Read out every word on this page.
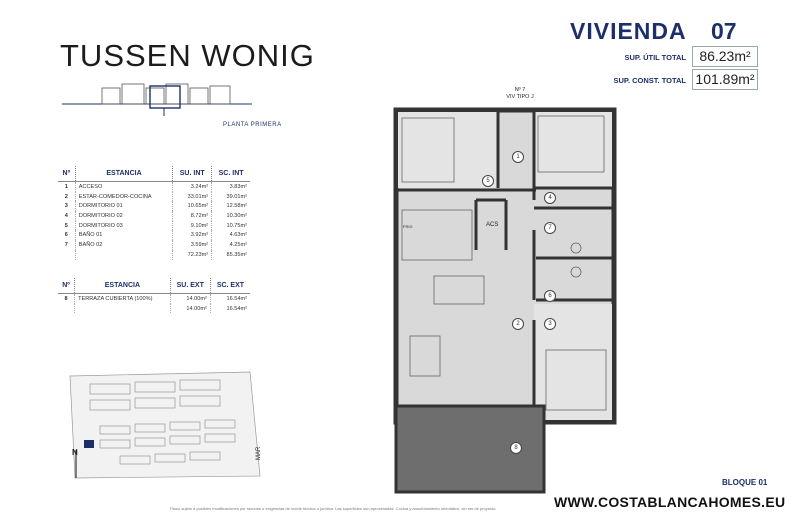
TUSSEN WONIG
VIVIENDA 07
SUP. ÚTIL TOTAL 86.23m²
SUP. CONST. TOTAL 101.89m²
PLANTA PRIMERA
Nº	ESTANCIA	SU. INT	SC. INT
1	ACCESO	3.24m²	3.83m²
2	ESTAR-COMEDOR-COCINA	33.01m²	39.01m²
3	DORMITORIO 01	10.65m²	12.58m²
4	DORMITORIO 02	8.72m²	10.30m²
5	DORMITORIO 03	9.10m²	10.75m²
6	BAÑO 01	3.92m²	4.63m²
7	BAÑO 02	3.59m²	4.25m²
		72.23m²	85.35m²
Nº	ESTANCIA	SU. EXT	SC. EXT
8	TERRAZA CUBIERTA (100%)	14.00m²	16.54m²
		14.00m²	16.54m²
N	MAR
Nº 7
VIV TIPO J
ACS
FRIG
1
2	3
4
5
6
7
8
BLOQUE 01
WWW.COSTABLANCAHOMES.EU
Plano sujeto a posibles modificaciones por razones o exigencias de índole técnica o jurídica. Las superficies son aproximadas. Cocina y amueblamiento orientativo, sin ser de proyecto.
